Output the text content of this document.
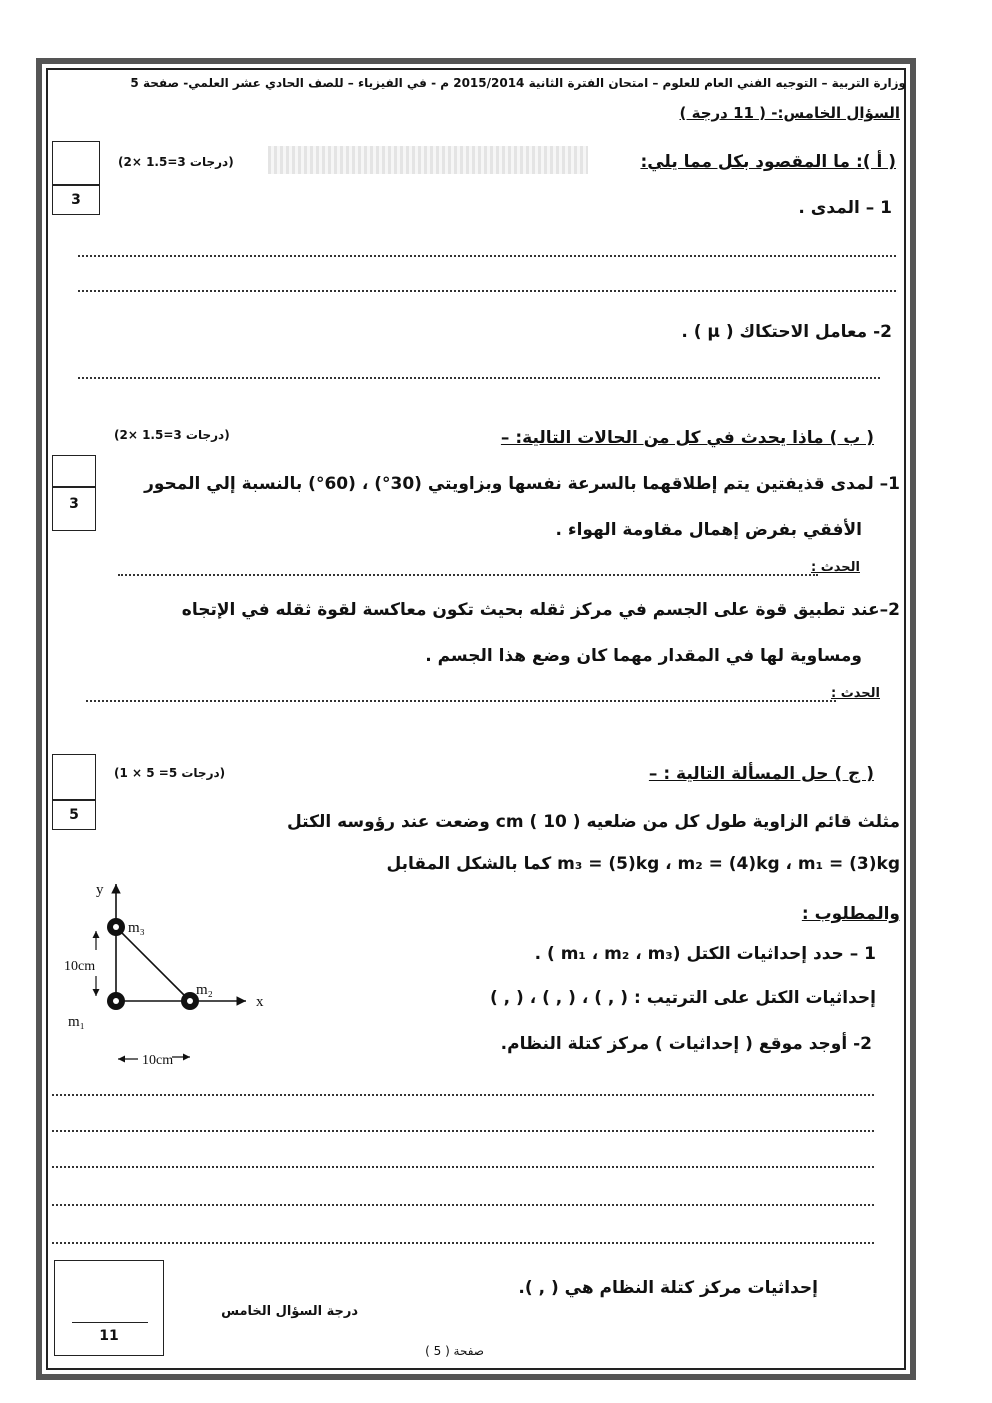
وزارة التربية – التوجيه الفني العام للعلوم – امتحان الفترة الثانية 2015/2014 م - في الفيزياء – للصف الحادي عشر العلمي- صفحة 5
السؤال الخامس:- ( 11 درجة )
3
(2× 1.5=3 درجات)	( أ ): ما المقصود بكل مما يلي:
1 – المدى .
2- معامل الاحتكاك ( μ ) .
3
(2× 1.5=3 درجات)	( ب ) ماذا يحدث في كل من الحالات التالية: –
1– لمدى قذيفتين يتم إطلاقهما بالسرعة نفسها وبزاويتي (30°) ، (60°) بالنسبة إلي المحور
الأفقي بفرض إهمال مقاومة الهواء .
الحدث :
2–عند تطبيق قوة على الجسم في مركز ثقله بحيث تكون معاكسة لقوة ثقله في الإتجاه
ومساوية لها في المقدار مهما كان وضع هذا الجسم .
الحدث :
5
(1 × 5 =5 درجات)	( ج ) حل المسألة التالية : –
مثلث قائم الزاوية طول كل من ضلعيه ( 10 ) cm وضعت عند رؤوسه الكتل
m₃ = (5)kg ، m₂ = (4)kg ، m₁ = (3)kg كما بالشكل المقابل
والمطلوب :
1 – حدد إحداثيات الكتل (m₁ ، m₂ ، m₃ ) .
إحداثيات الكتل على الترتيب : ( , ) ، ( , ) ، ( , )
2- أوجد موقع ( إحداثيات ) مركز كتلة النظام.
y
x
m₃
m₁
m₂
10cm
10cm
إحداثيات مركز كتلة النظام هي ( , ).
11
درجة السؤال الخامس
صفحة ( 5 )
